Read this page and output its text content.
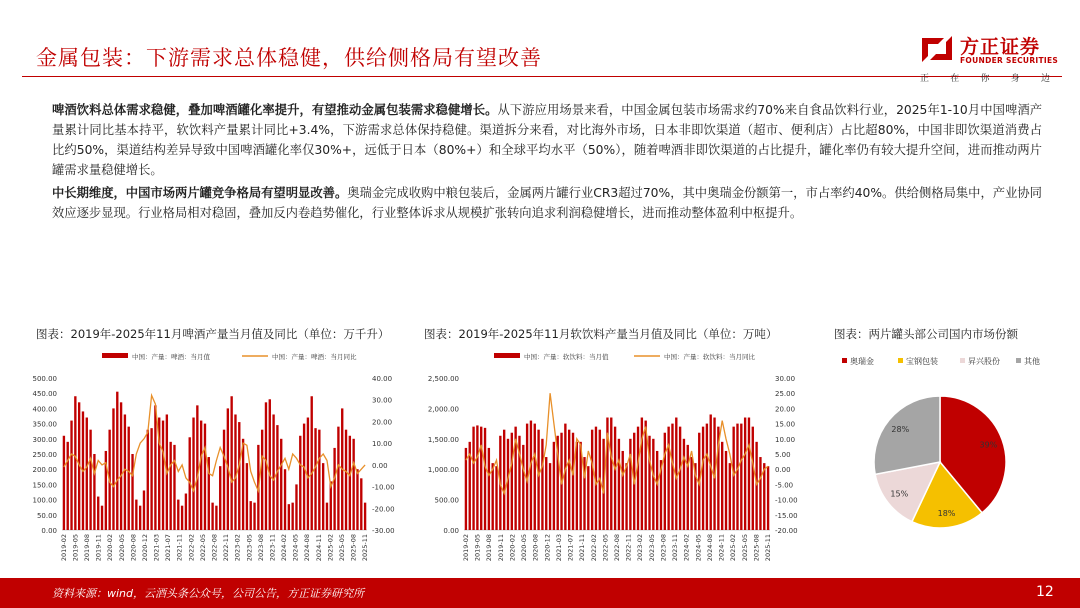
金属包装：下游需求总体稳健，供给侧格局有望改善	方正证券
FOUNDER SECURITIES
正 在 你 身 边
啤酒饮料总体需求稳健，叠加啤酒罐化率提升，有望推动金属包装需求稳健增长。从下游应用场景来看，中国金属包装市场需求约70%来自食品饮料行业，2025年1-10月中国啤酒产量累计同比基本持平，软饮料产量累计同比+3.4%，下游需求总体保持稳健。渠道拆分来看，对比海外市场，日本非即饮渠道（超市、便利店）占比超80%，中国非即饮渠道消费占比约50%，渠道结构差异导致中国啤酒罐化率仅30%+，远低于日本（80%+）和全球平均水平（50%），随着啤酒非即饮渠道的占比提升，罐化率仍有较大提升空间，进而推动两片罐需求量稳健增长。
中长期维度，中国市场两片罐竞争格局有望明显改善。奥瑞金完成收购中粮包装后，金属两片罐行业CR3超过70%，其中奥瑞金份额第一，市占率约40%。供给侧格局集中，产业协同效应逐步显现。行业格局相对稳固，叠加反内卷趋势催化，行业整体诉求从规模扩张转向追求利润稳健增长，进而推动整体盈利中枢提升。
图表：2019年-2025年11月啤酒产量当月值及同比（单位：万千升）	图表：2019年-2025年11月软饮料产量当月值及同比（单位：万吨）	图表：两片罐头部公司国内市场份额
中国：产量：啤酒：当月值	中国：产量：啤酒：当月同比
0.00
50.00
100.00
150.00
200.00
250.00
300.00
350.00
400.00
450.00
500.00
-30.00
-20.00
-10.00
0.00
10.00
20.00
30.00
40.00
2019-02 2019-05 2019-08 2019-11 2020-02 2020-05 2020-08 2020-12 2021-03 2021-07 2021-11 2022-02 2022-05 2022-08 2022-11 2023-02 2023-05 2023-08 2023-11 2024-02 2024-05 2024-08 2024-11 2025-02 2025-05 2025-08 2025-11
中国：产量：软饮料：当月值	中国：产量：软饮料：当月同比
0.00
500.00
1,000.00
1,500.00
2,000.00
2,500.00
-20.00
-15.00
-10.00
-5.00
0.00
5.00
10.00
15.00
20.00
25.00
30.00
2019-02 2019-05 2019-08 2019-11 2020-02 2020-05 2020-08 2020-12 2021-03 2021-07 2021-11 2022-02 2022-05 2022-08 2022-11 2023-02 2023-05 2023-08 2023-11 2024-02 2024-05 2024-08 2024-11 2025-02 2025-05 2025-08 2025-11
奥瑞金	宝钢包装	昇兴股份	其他
39%
18%
15%
28%
资料来源：wind，云酒头条公众号，公司公告，方正证券研究所	12
